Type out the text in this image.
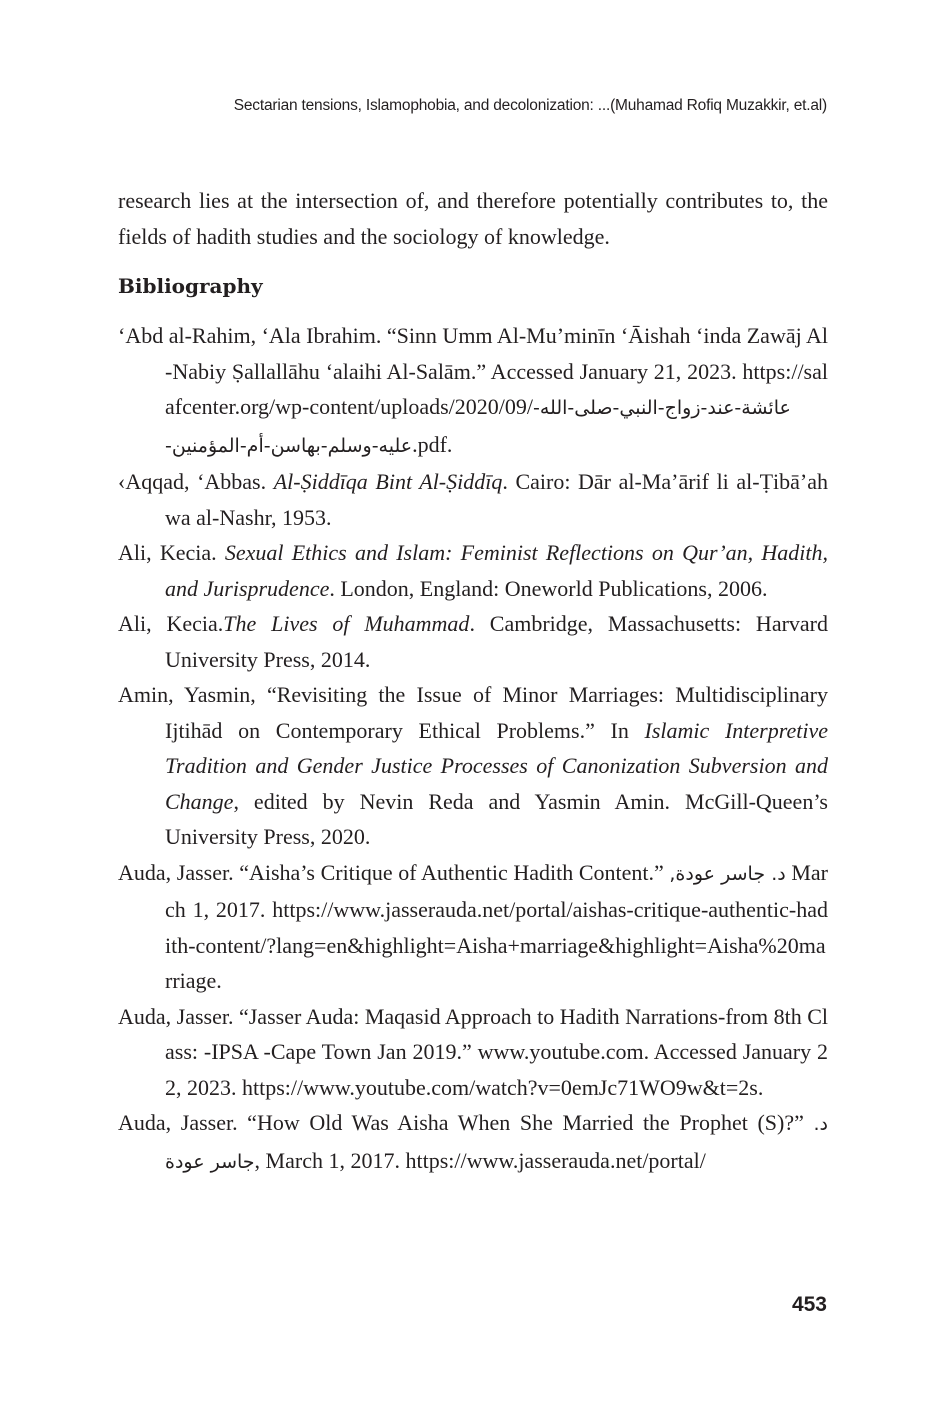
Sectarian tensions, Islamophobia, and decolonization: ...(Muhamad Rofiq Muzakkir, et.al)
research lies at the intersection of, and therefore potentially contributes to, the fields of hadith studies and the sociology of knowledge.
Bibliography

‘Abd al-Rahim, ‘Ala Ibrahim. “Sinn Umm Al-Mu’minīn ‘Āishah ‘inda Zawāj Al-Nabiy Ṣallallāhu ‘alaihi Al-Salām.” Accessed January 21, 2023. https://salafcenter.org/wp-content/uploads/2020/09/عائشة-عند-زواج-النبي-صلى-الله-عليه-وسلم-بهاسن-أم-المؤمنين-.pdf.

‹Aqqad, ‘Abbas. Al-Ṣiddīqa Bint Al-Ṣiddīq. Cairo: Dār al-Ma’ārif li al-Ṭibā’ah wa al-Nashr, 1953.

Ali, Kecia. Sexual Ethics and Islam: Feminist Reflections on Qur’an, Hadith, and Jurisprudence. London, England: Oneworld Publications, 2006.

Ali, Kecia.The Lives of Muhammad. Cambridge, Massachusetts: Harvard University Press, 2014.

Amin, Yasmin, “Revisiting the Issue of Minor Marriages: Multidisciplinary Ijtihād on Contemporary Ethical Problems.” In Islamic Interpretive Tradition and Gender Justice Processes of Canonization Subversion and Change, edited by Nevin Reda and Yasmin Amin. McGill-Queen’s University Press, 2020.

Auda, Jasser. “Aisha’s Critique of Authentic Hadith Content.” د. جاسر عودة, March 1, 2017. https://www.jasserauda.net/portal/aishas-critique-authentic-hadith-content/?lang=en&highlight=Aisha+marriage&highlight=Aisha%20marriage.

Auda, Jasser. “Jasser Auda: Maqasid Approach to Hadith Narrations-from 8th Class: -IPSA -Cape Town Jan 2019.” www.youtube.com. Accessed January 22, 2023. https://www.youtube.com/watch?v=0emJc71WO9w&t=2s.

Auda, Jasser. “How Old Was Aisha When She Married the Prophet (S)?” د. جاسر عودة, March 1, 2017. https://www.jasserauda.net/portal/

453
